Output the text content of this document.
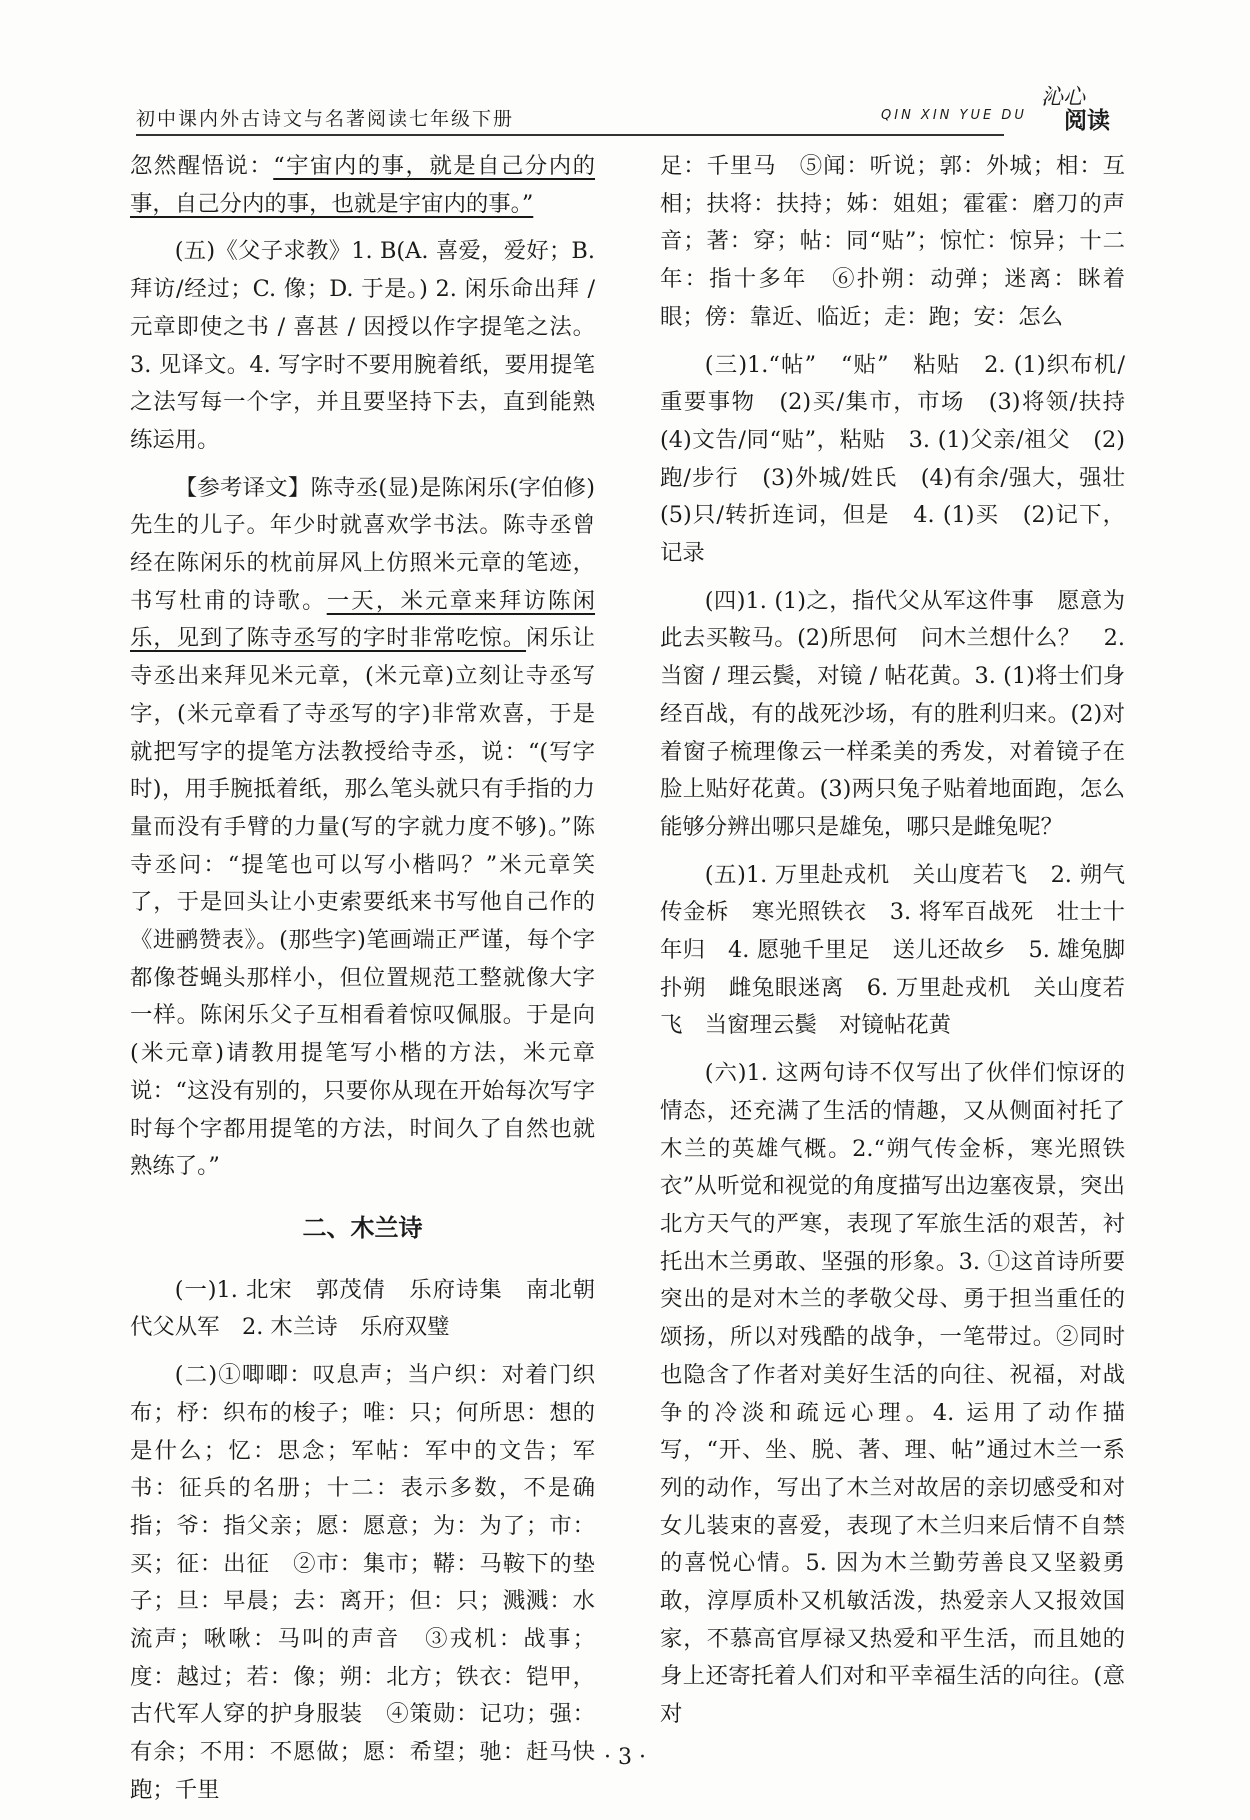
初中课内外古诗文与名著阅读七年级下册	QIN XIN YUE DU
沁心
阅读

忽然醒悟说：“宇宙内的事，就是自己分内的事，自己分内的事，也就是宇宙内的事。”

(五)《父子求教》1. B(A. 喜爱，爱好；B. 拜访/经过；C. 像；D. 于是。) 2. 闲乐命出拜 / 元章即使之书 / 喜甚 / 因授以作字提笔之法。3. 见译文。4. 写字时不要用腕着纸，要用提笔之法写每一个字，并且要坚持下去，直到能熟练运用。

【参考译文】陈寺丞(显)是陈闲乐(字伯修)先生的儿子。年少时就喜欢学书法。陈寺丞曾经在陈闲乐的枕前屏风上仿照米元章的笔迹，书写杜甫的诗歌。一天，米元章来拜访陈闲乐，见到了陈寺丞写的字时非常吃惊。闲乐让寺丞出来拜见米元章，(米元章)立刻让寺丞写字，(米元章看了寺丞写的字)非常欢喜，于是就把写字的提笔方法教授给寺丞，说：“(写字时)，用手腕抵着纸，那么笔头就只有手指的力量而没有手臂的力量(写的字就力度不够)。”陈寺丞问：“提笔也可以写小楷吗？”米元章笑了，于是回头让小吏索要纸来书写他自己作的《进鹂赞表》。(那些字)笔画端正严谨，每个字都像苍蝇头那样小，但位置规范工整就像大字一样。陈闲乐父子互相看着惊叹佩服。于是向(米元章)请教用提笔写小楷的方法，米元章说：“这没有别的，只要你从现在开始每次写字时每个字都用提笔的方法，时间久了自然也就熟练了。”

二、木兰诗

(一)1. 北宋　郭茂倩　乐府诗集　南北朝　代父从军　2. 木兰诗　乐府双璧

(二)①唧唧：叹息声；当户织：对着门织布；杼：织布的梭子；唯：只；何所思：想的是什么；忆：思念；军帖：军中的文告；军书：征兵的名册；十二：表示多数，不是确指；爷：指父亲；愿：愿意；为：为了；市：买；征：出征　②市：集市；鞯：马鞍下的垫子；旦：早晨；去：离开；但：只；溅溅：水流声；啾啾：马叫的声音　③戎机：战事；度：越过；若：像；朔：北方；铁衣：铠甲，古代军人穿的护身服装　④策勋：记功；强：有余；不用：不愿做；愿：希望；驰：赶马快跑；千里

足：千里马　⑤闻：听说；郭：外城；相：互相；扶将：扶持；姊：姐姐；霍霍：磨刀的声音；著：穿；帖：同“贴”；惊忙：惊异；十二年：指十多年　⑥扑朔：动弹；迷离：眯着眼；傍：靠近、临近；走：跑；安：怎么

(三)1.“帖”　“贴”　粘贴　2. (1)织布机/重要事物　(2)买/集市，市场　(3)将领/扶持　(4)文告/同“贴”，粘贴　3. (1)父亲/祖父　(2)跑/步行　(3)外城/姓氏　(4)有余/强大，强壮　(5)只/转折连词，但是　4. (1)买　(2)记下，记录

(四)1. (1)之，指代父从军这件事　愿意为此去买鞍马。(2)所思何　问木兰想什么？　2. 当窗 / 理云鬓，对镜 / 帖花黄。3. (1)将士们身经百战，有的战死沙场，有的胜利归来。(2)对着窗子梳理像云一样柔美的秀发，对着镜子在脸上贴好花黄。(3)两只兔子贴着地面跑，怎么能够分辨出哪只是雄兔，哪只是雌兔呢？

(五)1. 万里赴戎机　关山度若飞　2. 朔气传金柝　寒光照铁衣　3. 将军百战死　壮士十年归　4. 愿驰千里足　送儿还故乡　5. 雄兔脚扑朔　雌兔眼迷离　6. 万里赴戎机　关山度若飞　当窗理云鬓　对镜帖花黄

(六)1. 这两句诗不仅写出了伙伴们惊讶的情态，还充满了生活的情趣，又从侧面衬托了木兰的英雄气概。2.“朔气传金柝，寒光照铁衣”从听觉和视觉的角度描写出边塞夜景，突出北方天气的严寒，表现了军旅生活的艰苦，衬托出木兰勇敢、坚强的形象。3. ①这首诗所要突出的是对木兰的孝敬父母、勇于担当重任的颂扬，所以对残酷的战争，一笔带过。②同时也隐含了作者对美好生活的向往、祝福，对战争的冷淡和疏远心理。4. 运用了动作描写，“开、坐、脱、著、理、帖”通过木兰一系列的动作，写出了木兰对故居的亲切感受和对女儿装束的喜爱，表现了木兰归来后情不自禁的喜悦心情。5. 因为木兰勤劳善良又坚毅勇敢，淳厚质朴又机敏活泼，热爱亲人又报效国家，不慕高官厚禄又热爱和平生活，而且她的身上还寄托着人们对和平幸福生活的向往。(意对

· 3 ·
